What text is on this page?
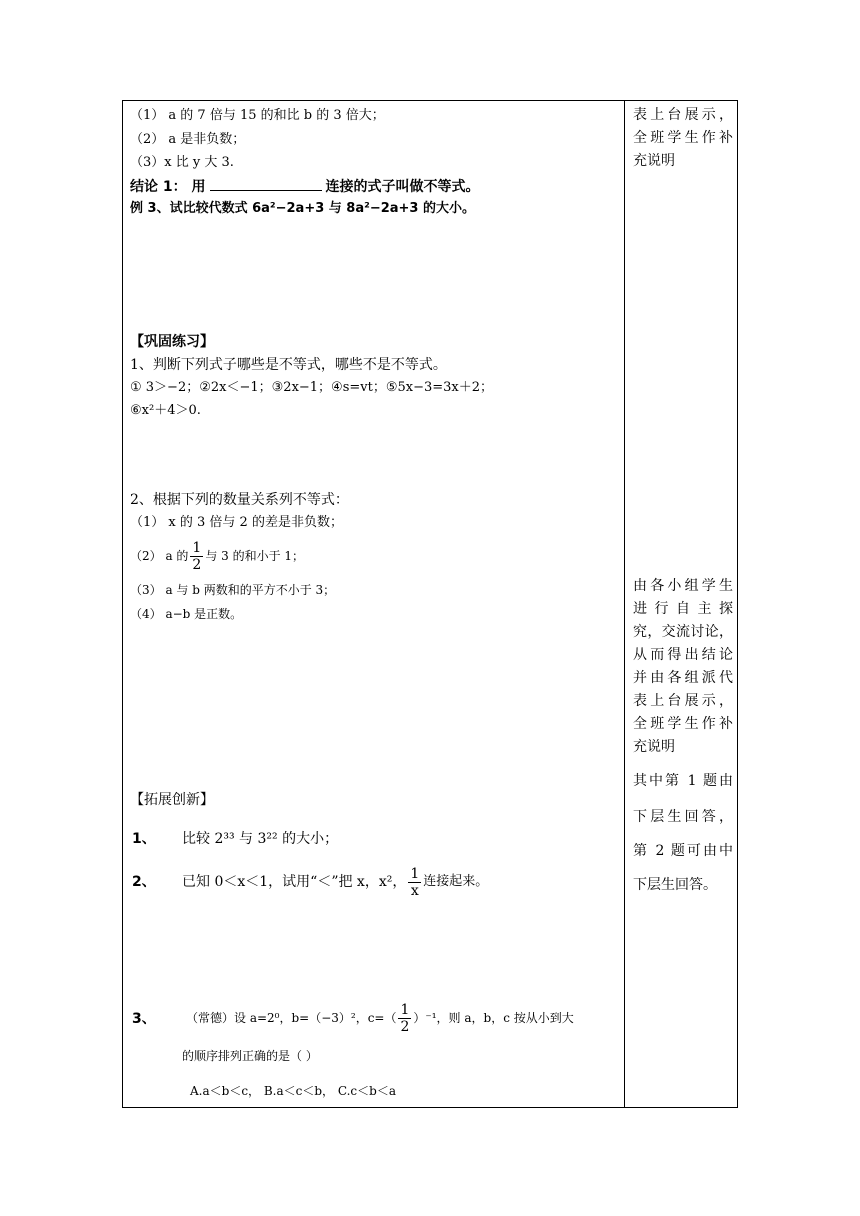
（1） a 的 7 倍与 15 的和比 b 的 3 倍大；
（2） a 是非负数；
（3）x 比 y 大 3.
结论 1： 用	连接的式子叫做不等式。
例 3、试比较代数式 6a²−2a+3 与 8a²−2a+3 的大小。
【巩固练习】
1、判断下列式子哪些是不等式，哪些不是不等式。
① 3＞−2；②2x＜−1；③2x−1；④s=vt；⑤5x−3=3x＋2；
⑥x²＋4＞0.
2、根据下列的数量关系列不等式：
（1） x 的 3 倍与 2 的差是非负数；
（2） a 的 $\frac{1}{2}$ 与 3 的和小于 1；
（3） a 与 b 两数和的平方不小于 3；
（4） a−b 是正数。
【拓展创新】
1、 比较 2³³ 与 3²² 的大小；
2、 已知 0＜x＜1，试用“＜”把 x，x²， $\frac{1}{x}$ 连接起来。
3、	（常德）设 a=2⁰，b=（−3）²，$c=( \frac{1}{2} )^{-1}$，则 a，b，c 按从小到大
的顺序排列正确的是（ ）
A.a＜b＜c， B.a＜c＜b， C.c＜b＜a
表上台展示，
全班学生作补
充说明
由各小组学生
进行自主探
究，交流讨论，
从而得出结论
并由各组派代
表上台展示，
全班学生作补
充说明
其中第 1 题由
下层生回答，
第 2 题可由中
下层生回答。
